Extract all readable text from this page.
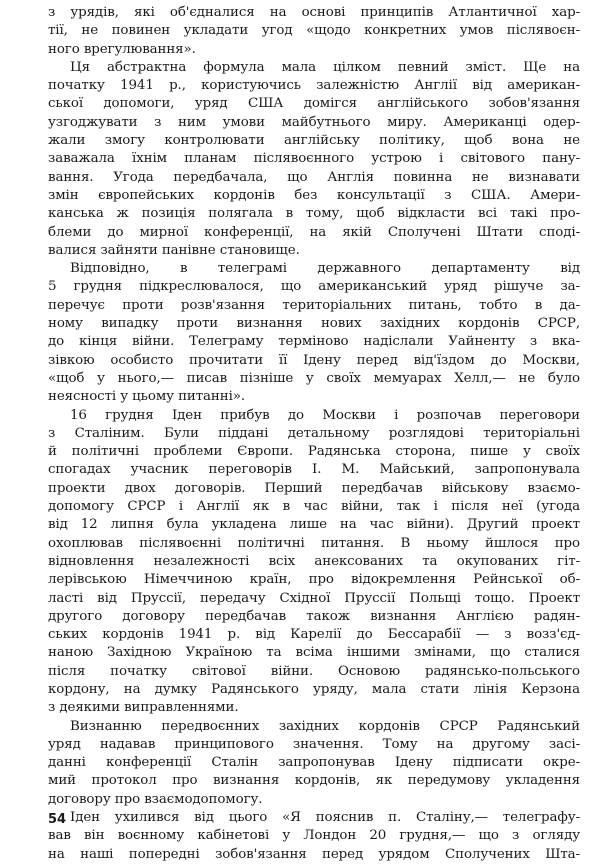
з урядів, які об'єдналися на основі принципів Атлантичної хар-
тії, не повинен укладати угод «щодо конкретних умов післявоєн-
ного врегулювання».
Ця абстрактна формула мала цілком певний зміст. Ще на
початку 1941 р., користуючись залежністю Англії від американ-
ської допомоги, уряд США домігся англійського зобов'язання
узгоджувати з ним умови майбутнього миру. Американці одер-
жали змогу контролювати англійську політику, щоб вона не
заважала їхнім планам післявоєнного устрою і світового пану-
вання. Угода передбачала, що Англія повинна не визнавати
змін європейських кордонів без консультації з США. Амери-
канська ж позиція полягала в тому, щоб відкласти всі такі про-
блеми до мирної конференції, на якій Сполучені Штати споді-
валися зайняти панівне становище.
Відповідно, в телеграмі державного департаменту від
5 грудня підкреслювалося, що американський уряд рішуче за-
перечує проти розв'язання територіальних питань, тобто в да-
ному випадку проти визнання нових західних кордонів СРСР,
до кінця війни. Телеграму терміново надіслали Уайненту з вка-
зівкою особисто прочитати її Ідену перед від'їздом до Москви,
«щоб у нього,— писав пізніше у своїх мемуарах Хелл,— не було
неясності у цьому питанні».
16 грудня Іден прибув до Москви і розпочав переговори
з Сталіним. Були піддані детальному розглядові територіальні
й політичні проблеми Європи. Радянська сторона, пише у своїх
спогадах учасник переговорів І. М. Майський, запропонувала
проекти двох договорів. Перший передбачав військову взаємо-
допомогу СРСР і Англії як в час війни, так і після неї (угода
від 12 липня була укладена лише на час війни). Другий проект
охоплював післявоєнні політичні питання. В ньому йшлося про
відновлення незалежності всіх анексованих та окупованих гіт-
лерівською Німеччиною країн, про відокремлення Рейнської об-
ласті від Пруссії, передачу Східної Пруссії Польщі тощо. Проект
другого договору передбачав також визнання Англією радян-
ських кордонів 1941 р. від Карелії до Бессарабії — з возз'єд-
наною Західною Україною та всіма іншими змінами, що сталися
після початку світової війни. Основою радянсько-польського
кордону, на думку Радянського уряду, мала стати лінія Керзона
з деякими виправленнями.
Визнанню передвоєнних західних кордонів СРСР Радянський
уряд надавав принципового значення. Тому на другому засі-
данні конференції Сталін запропонував Ідену підписати окре-
мий протокол про визнання кордонів, як передумову укладення
договору про взаємодопомогу.
Іден ухилився від цього «Я пояснив п. Сталіну,— телеграфу-
вав він воєнному кабінетові у Лондон 20 грудня,— що з огляду
на наші попередні зобов'язання перед урядом Сполучених Шта-
54
